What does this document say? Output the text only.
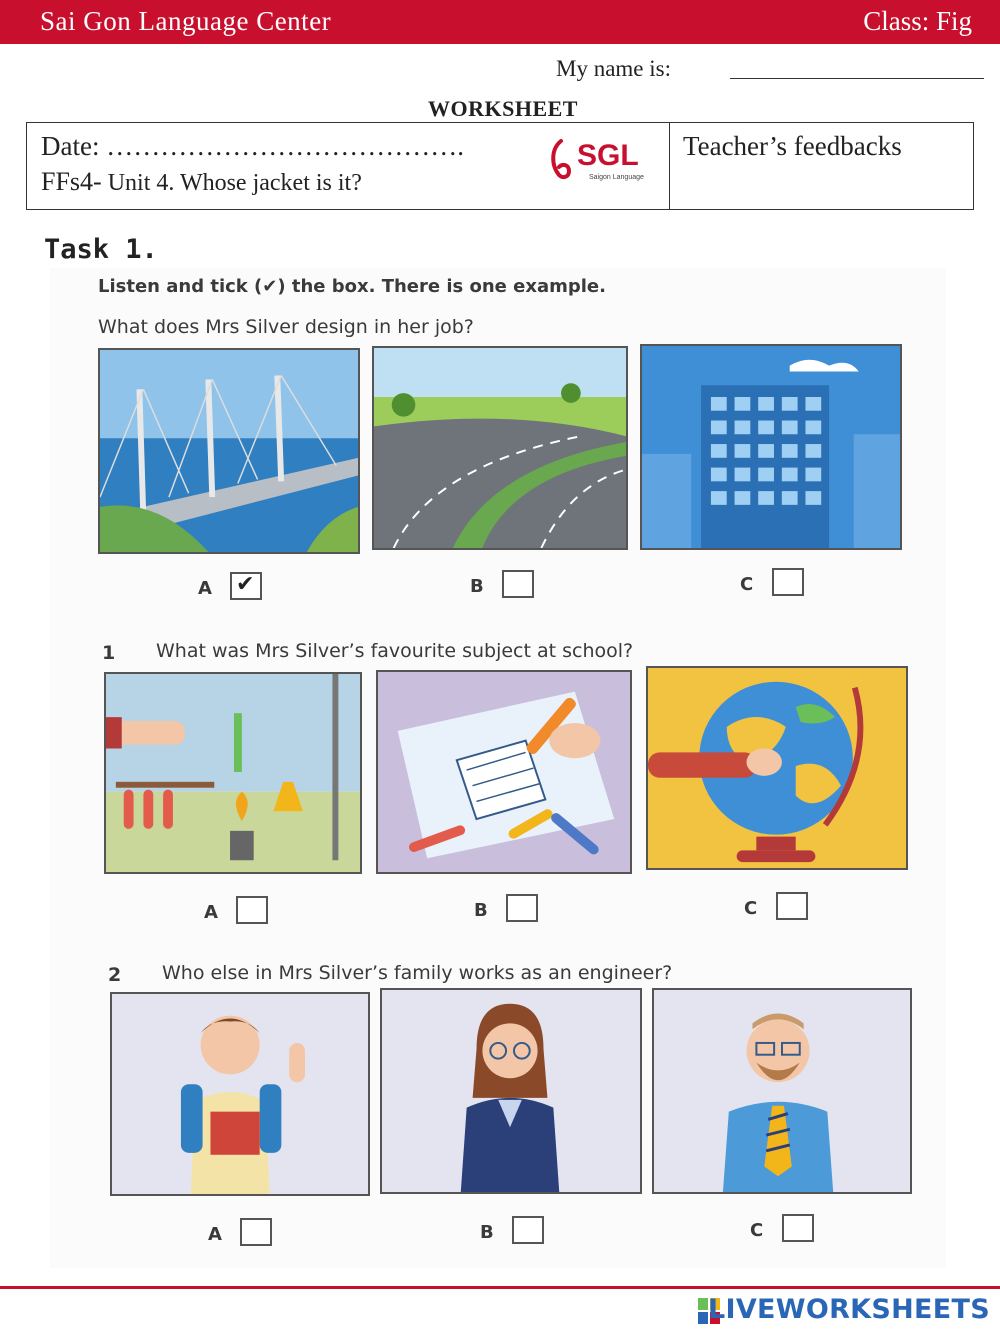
Sai Gon Language Center	Class: Fig
My name is:
WORKSHEET
Date: ………………………………….
FFs4- Unit 4. Whose jacket is it?
SGL
Saigon Language
Teacher’s feedbacks
Task 1.
Listen and tick (✔) the box. There is one example.
What does Mrs Silver design in her job?
A ✔	B	C
1 What was Mrs Silver’s favourite subject at school?
A	B	C
2 Who else in Mrs Silver’s family works as an engineer?
A	B	C
LIVEWORKSHEETS
